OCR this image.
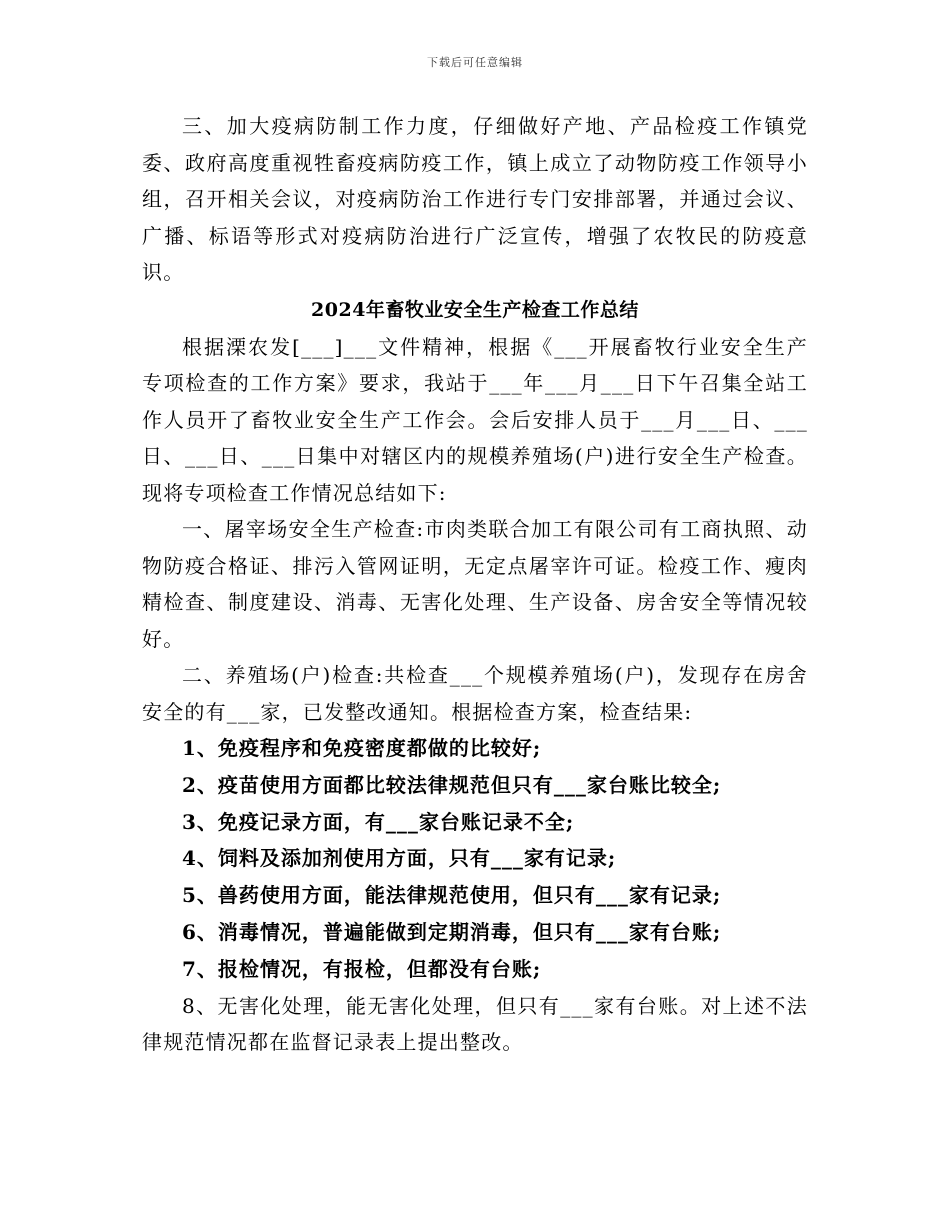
下载后可任意编辑

三、加大疫病防制工作力度，仔细做好产地、产品检疫工作镇党委、政府高度重视牲畜疫病防疫工作，镇上成立了动物防疫工作领导小组，召开相关会议，对疫病防治工作进行专门安排部署，并通过会议、广播、标语等形式对疫病防治进行广泛宣传，增强了农牧民的防疫意识。

2024年畜牧业安全生产检查工作总结

根据溧农发[___]___文件精神，根据《___开展畜牧行业安全生产专项检查的工作方案》要求，我站于___年___月___日下午召集全站工作人员开了畜牧业安全生产工作会。会后安排人员于___月___日、___日、___日、___日集中对辖区内的规模养殖场(户)进行安全生产检查。现将专项检查工作情况总结如下:

一、屠宰场安全生产检查:市肉类联合加工有限公司有工商执照、动物防疫合格证、排污入管网证明，无定点屠宰许可证。检疫工作、瘦肉精检查、制度建设、消毒、无害化处理、生产设备、房舍安全等情况较好。

二、养殖场(户)检查:共检查___个规模养殖场(户)，发现存在房舍安全的有___家，已发整改通知。根据检查方案，检查结果:

1、免疫程序和免疫密度都做的比较好;

2、疫苗使用方面都比较法律规范但只有___家台账比较全;

3、免疫记录方面，有___家台账记录不全;

4、饲料及添加剂使用方面，只有___家有记录;

5、兽药使用方面，能法律规范使用，但只有___家有记录;

6、消毒情况，普遍能做到定期消毒，但只有___家有台账;

7、报检情况，有报检，但都没有台账;

8、无害化处理，能无害化处理，但只有___家有台账。对上述不法律规范情况都在监督记录表上提出整改。
